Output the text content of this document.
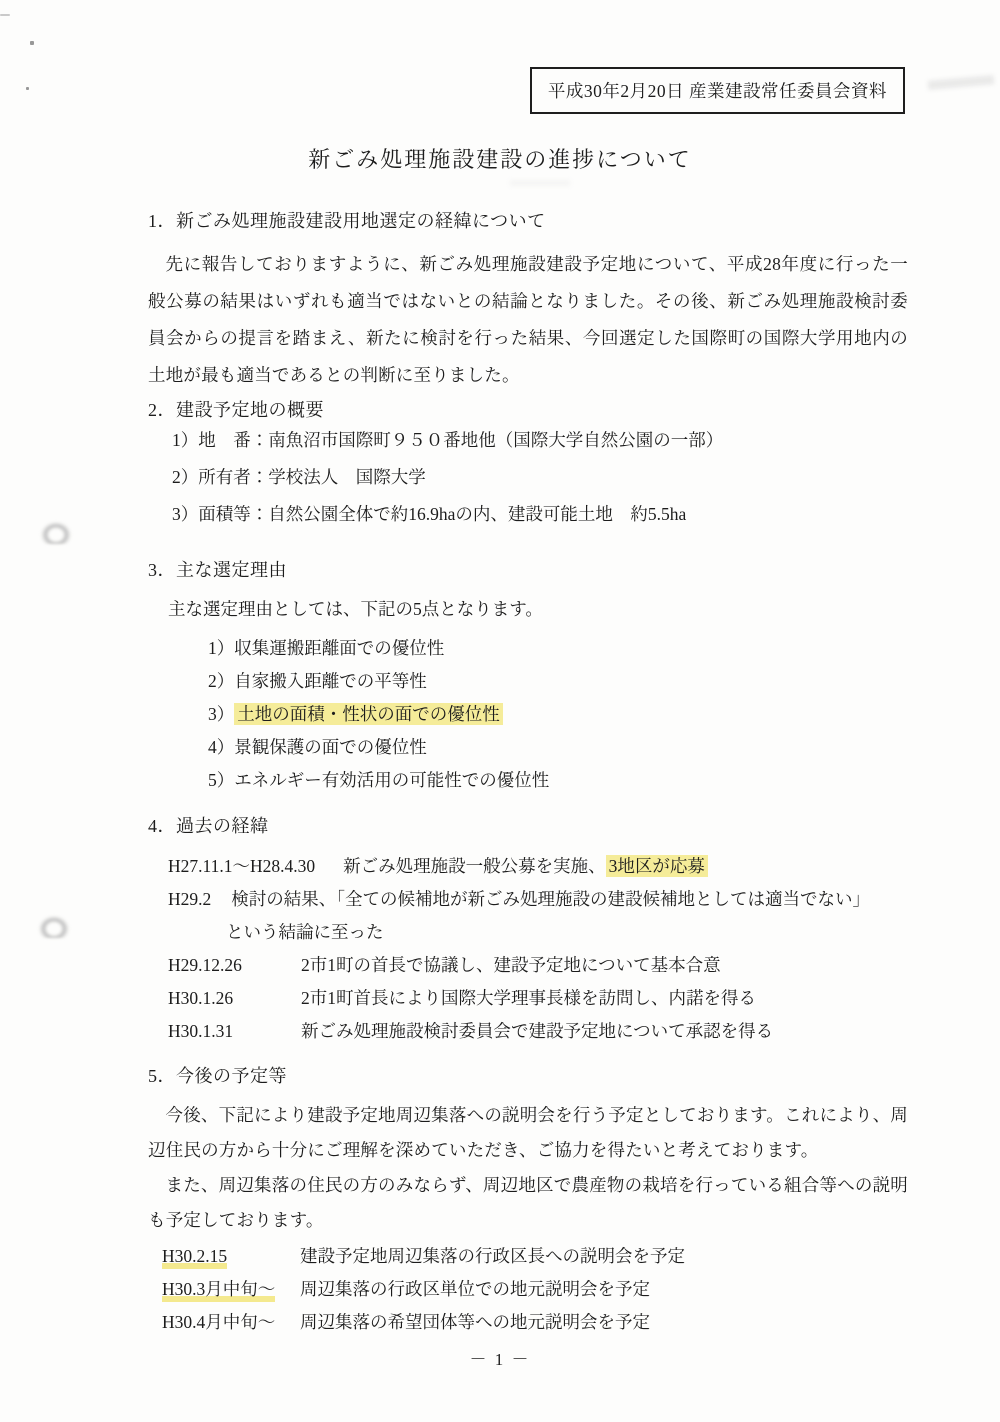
平成30年2月20日 産業建設常任委員会資料
新ごみ処理施設建設の進捗について
1．新ごみ処理施設建設用地選定の経緯について
先に報告しておりますように、新ごみ処理施設建設予定地について、平成28年度に行った一般公募の結果はいずれも適当ではないとの結論となりました。その後、新ごみ処理施設検討委員会からの提言を踏まえ、新たに検討を行った結果、今回選定した国際町の国際大学用地内の土地が最も適当であるとの判断に至りました。
2．建設予定地の概要
1）地　番：南魚沼市国際町９５０番地他（国際大学自然公園の一部）
2）所有者：学校法人　国際大学
3）面積等：自然公園全体で約16.9haの内、建設可能土地　約5.5ha
3．主な選定理由
主な選定理由としては、下記の5点となります。
1）収集運搬距離面での優位性
2）自家搬入距離での平等性
3） 土地の面積・性状の面での優位性
4）景観保護の面での優位性
5）エネルギー有効活用の可能性での優位性
4．過去の経緯
H27.11.1～H28.4.30 新ごみ処理施設一般公募を実施、 3地区が応募
H29.2 検討の結果、「全ての候補地が新ごみ処理施設の建設候補地としては適当でない」
という結論に至った
H29.12.26	2市1町の首長で協議し、建設予定地について基本合意
H30.1.26	2市1町首長により国際大学理事長様を訪問し、内諾を得る
H30.1.31	新ごみ処理施設検討委員会で建設予定地について承認を得る
5．今後の予定等
今後、下記により建設予定地周辺集落への説明会を行う予定としております。これにより、周辺住民の方から十分にご理解を深めていただき、ご協力を得たいと考えております。
また、周辺集落の住民の方のみならず、周辺地区で農産物の栽培を行っている組合等への説明も予定しております。
H30.2.15	建設予定地周辺集落の行政区長への説明会を予定
H30.3月中旬～ 周辺集落の行政区単位での地元説明会を予定
H30.4月中旬～ 周辺集落の希望団体等への地元説明会を予定
－ 1 －
